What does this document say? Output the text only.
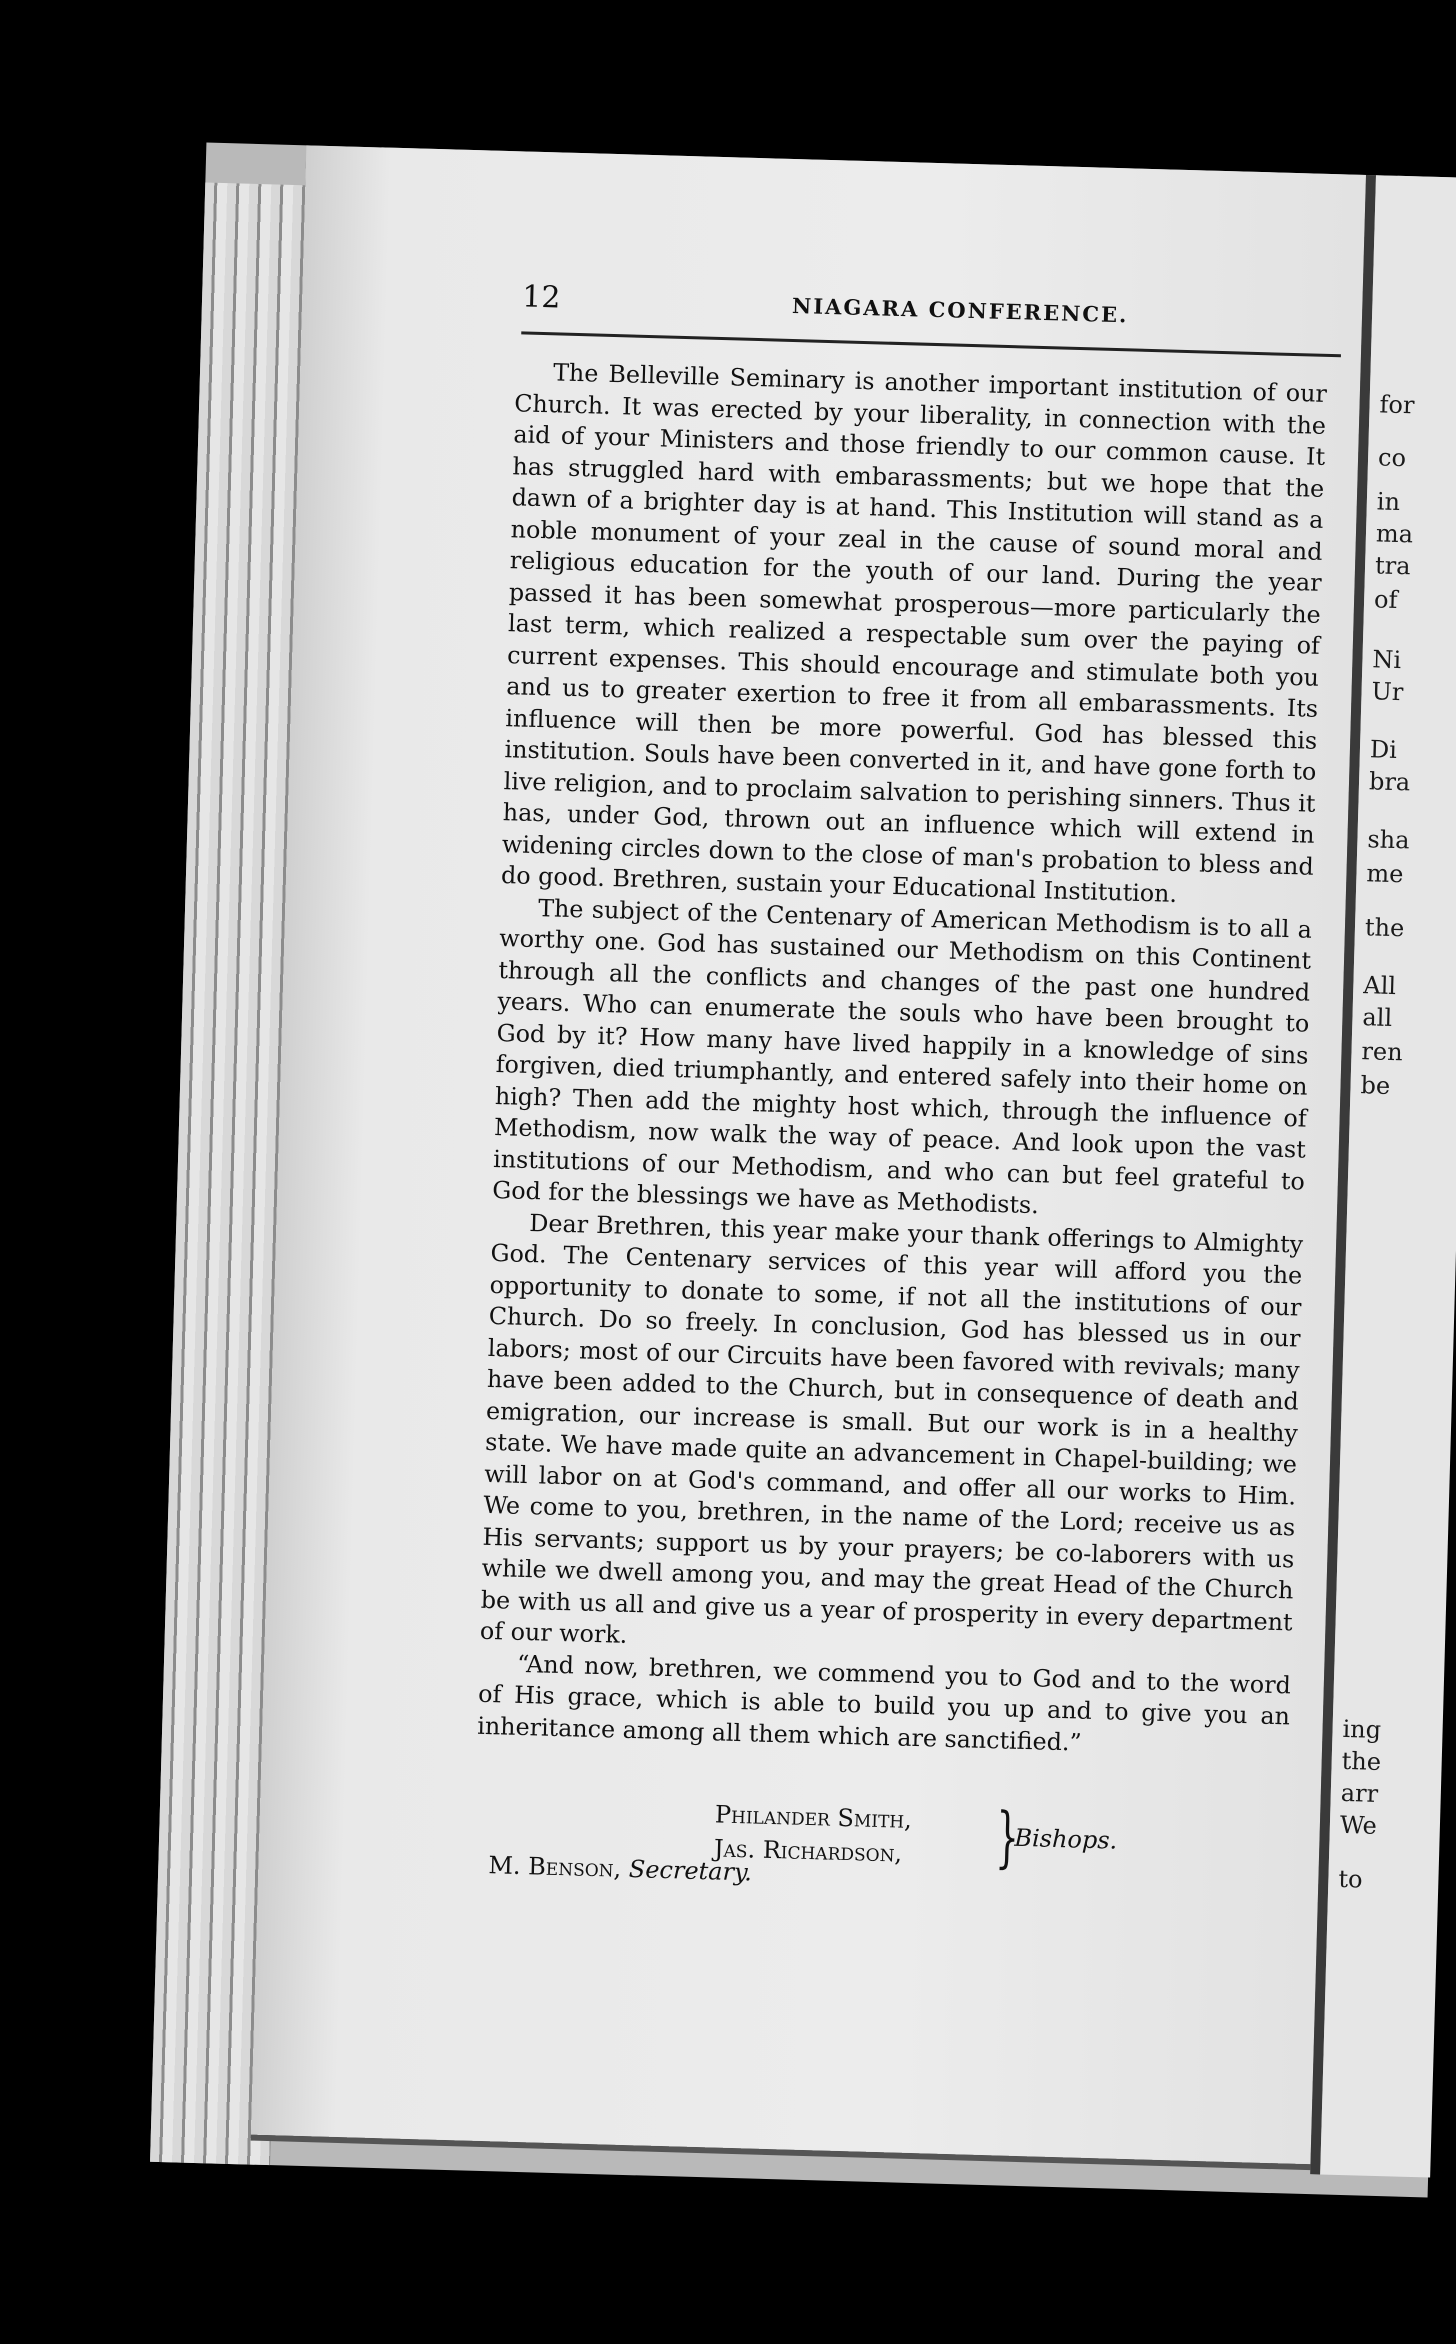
12	NIAGARA CONFERENCE.

The Belleville Seminary is another important institution of our Church. It was erected by your liberality, in connection with the aid of your Ministers and those friendly to our common cause. It has struggled hard with embarassments; but we hope that the dawn of a brighter day is at hand. This Institution will stand as a noble monument of your zeal in the cause of sound moral and religious education for the youth of our land. During the year passed it has been somewhat prosperous—more particularly the last term, which realized a respectable sum over the paying of current expenses. This should encourage and stimulate both you and us to greater exertion to free it from all embarassments. Its influence will then be more powerful. God has blessed this institution. Souls have been converted in it, and have gone forth to live religion, and to proclaim salvation to perishing sinners. Thus it has, under God, thrown out an influence which will extend in widening circles down to the close of man's probation to bless and do good. Brethren, sustain your Educational Institution.

The subject of the Centenary of American Methodism is to all a worthy one. God has sustained our Methodism on this Continent through all the conflicts and changes of the past one hundred years. Who can enumerate the souls who have been brought to God by it? How many have lived happily in a knowledge of sins forgiven, died triumphantly, and entered safely into their home on high? Then add the mighty host which, through the influence of Methodism, now walk the way of peace. And look upon the vast institutions of our Methodism, and who can but feel grateful to God for the blessings we have as Methodists.

Dear Brethren, this year make your thank offerings to Almighty God. The Centenary services of this year will afford you the opportunity to donate to some, if not all the institutions of our Church. Do so freely. In conclusion, God has blessed us in our labors; most of our Circuits have been favored with revivals; many have been added to the Church, but in consequence of death and emigration, our increase is small. But our work is in a healthy state. We have made quite an advancement in Chapel-building; we will labor on at God's command, and offer all our works to Him. We come to you, brethren, in the name of the Lord; receive us as His servants; support us by your prayers; be co-laborers with us while we dwell among you, and may the great Head of the Church be with us all and give us a year of prosperity in every department of our work.

“And now, brethren, we commend you to God and to the word of His grace, which is able to build you up and to give you an inheritance among all them which are sanctified.”

Philander Smith,
Jas. Richardson, }
Bishops.
M. Benson, Secretary.
for
co
in
ma
tra
of
Ni
Ur
Di
bra
sha
me
the
All
all
ren
be
ing
the
arr
We
to
